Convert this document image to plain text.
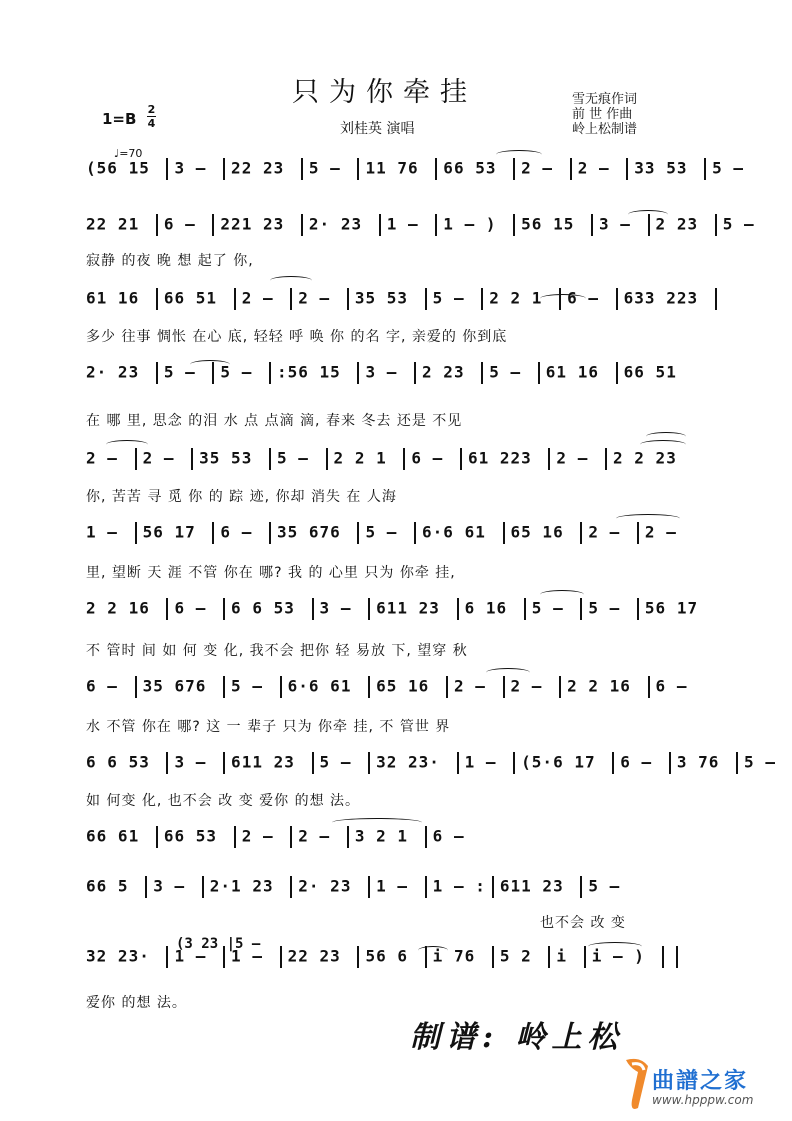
只为你牵挂	雪无痕作词
前 世 作曲
岭上松制谱
1=B
2
4	刘桂英 演唱
♩=70
(56 15 3 – 22 23 5 – 11 76 66 53 2 – 2 – 33 53 5 –
22 21 6 – 221 23 2· 23 1 – 1 – ) 56 15 3 – 2 23 5 –
寂静 的夜 晚 想 起了 你,
61 16 66 51 2 – 2 – 35 53 5 – 2 2 1 6 – 633 223
多少 往事 惆怅 在心 底, 轻轻 呼 唤 你 的名 字, 亲爱的 你到底
2· 23 5 – 5 – :56 15 3 – 2 23 5 – 61 16 66 51
在 哪 里, 思念 的泪 水 点 点滴 滴, 春来 冬去 还是 不见
2 – 2 – 35 53 5 – 2 2 1 6 – 61 223 2 – 2 2 23
你, 苦苦 寻 觅 你 的 踪 迹, 你却 消失 在 人海
1 – 56 17 6 – 35 676 5 – 6·6 61 65 16 2 – 2 –
里, 望断 天 涯 不管 你在 哪? 我 的 心里 只为 你牵 挂,
2 2 16 6 – 6 6 53 3 – 611 23 6 16 5 – 5 – 56 17
不 管时 间 如 何 变 化, 我不会 把你 轻 易放 下, 望穿 秋
6 – 35 676 5 – 6·6 61 65 16 2 – 2 – 2 2 16 6 –
水 不管 你在 哪? 这 一 辈子 只为 你牵 挂, 不 管世 界
6 6 53 3 – 611 23 5 – 32 23· 1 – (5·6 17 6 – 3 76 5 –
如 何变 化, 也不会 改 变 爱你 的想 法。
66 61 66 53 2 – 2 – 3 2 1 6 –
66 5 3 – 2·1 23 2· 23 1 – 1 – : 611 23 5 –
也不会 改 变
32 23· 1 – 1 – 22 23 56 6 i 76 5 2 i i – )
爱你 的想 法。
(3 23 |5 –
制谱: 岭上松
曲譜之家
www.hpppw.com
